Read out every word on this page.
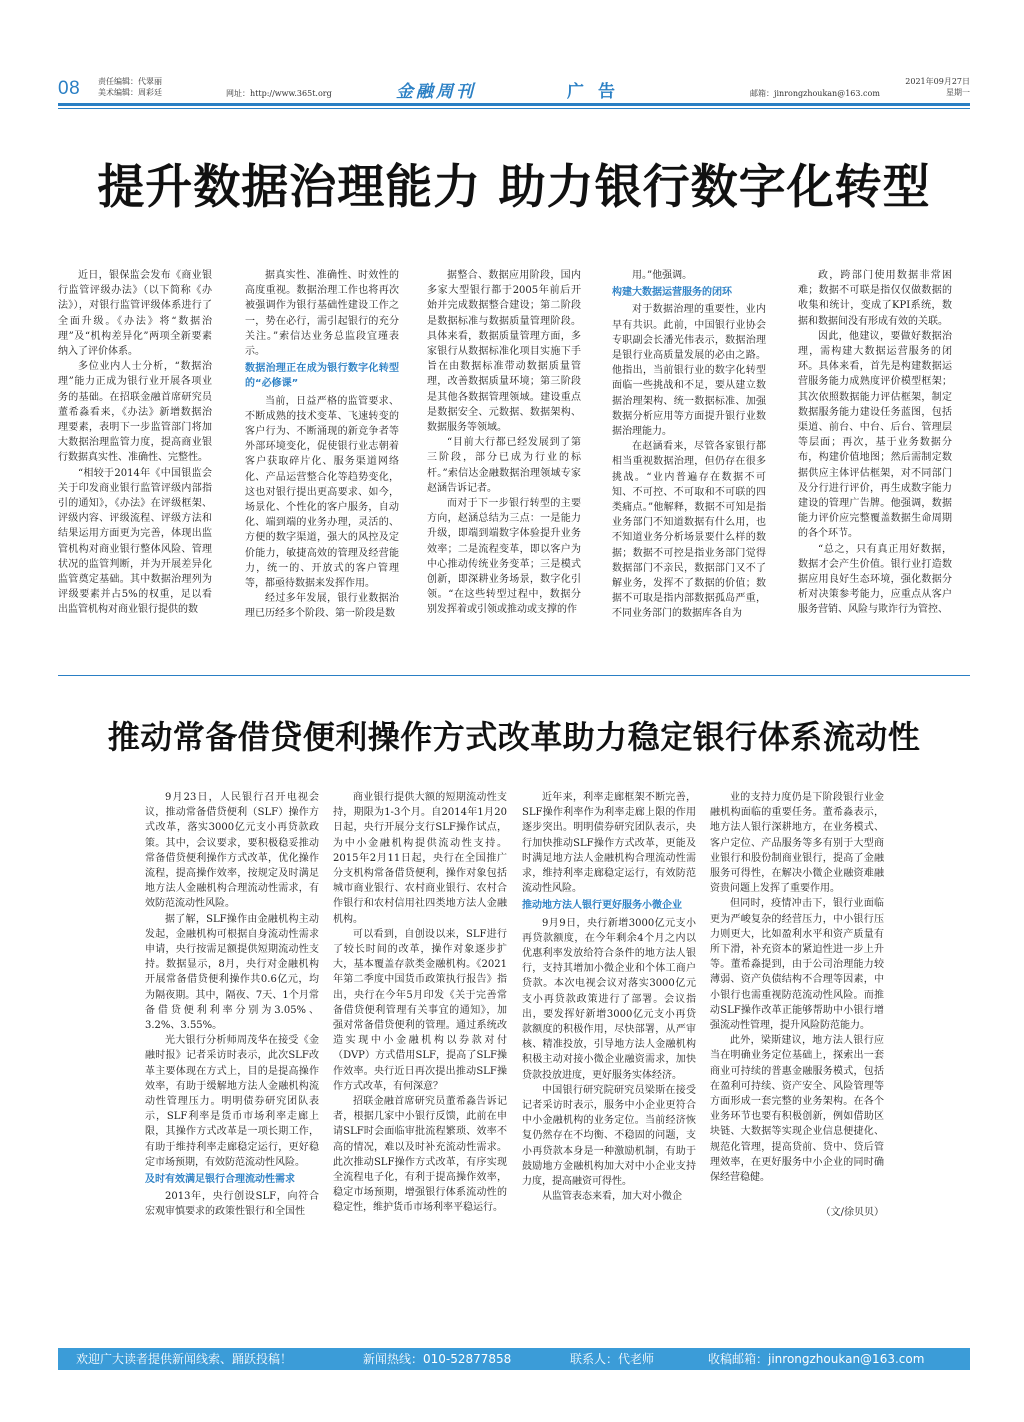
08 责任编辑：代翠丽
美术编辑：周彩廷	网址：http://www.365t.org	金融周刊	广告	邮箱：jinrongzhoukan@163.com
2021年09月27日
星期一
提升数据治理能力 助力银行数字化转型

近日，银保监会发布《商业银行监管评级办法》（以下简称《办法》），对银行监管评级体系进行了全面升级。《办法》将“数据治理”及“机构差异化”两项全新要素纳入了评价体系。

多位业内人士分析，“数据治理”能力正成为银行业开展各项业务的基础。在招联金融首席研究员董希淼看来，《办法》新增数据治理要素，表明下一步监管部门将加大数据治理监管力度，提高商业银行数据真实性、准确性、完整性。

“相较于2014年《中国银监会关于印发商业银行监管评级内部指引的通知》，《办法》在评级框架、评级内容、评级流程、评级方法和结果运用方面更为完善，体现出监管机构对商业银行整体风险、管理状况的监管判断，并为开展差异化监管奠定基础。其中数据治理列为评级要素并占5%的权重，足以看出监管机构对商业银行提供的数

据真实性、准确性、时效性的高度重视。数据治理工作也将再次被强调作为银行基础性建设工作之一，势在必行，需引起银行的充分关注。”索信达业务总监段宜瑾表示。

数据治理正在成为银行数字化转型的“必修课”

当前，日益严格的监管要求、不断成熟的技术变革、飞速转变的客户行为、不断涌现的新竞争者等外部环境变化，促使银行业志朝着客户获取碎片化、服务渠道网络化、产品运营整合化等趋势变化，这也对银行提出更高要求、如今，场景化、个性化的客户服务，自动化、端到端的业务办理，灵活的、方便的数字渠道，强大的风控及定价能力，敏捷高效的管理及经营能力，统一的、开放式的客户管理等，都亟待数据来发挥作用。

经过多年发展，银行业数据治理已历经多个阶段、第一阶段是数

据整合、数据应用阶段，国内多家大型银行都于2005年前后开始并完成数据整合建设；第二阶段是数据标准与数据质量管理阶段。具体来看，数据质量管理方面，多家银行从数据标准化项目实施下手旨在由数据标准带动数据质量管理，改善数据质量环境；第三阶段是其他各数据管理领域。建设重点是数据安全、元数据、数据架构、数据服务等领域。

“目前大行都已经发展到了第三阶段，部分已成为行业的标杆。”索信达金融数据治理领域专家赵涵告诉记者。

而对于下一步银行转型的主要方向，赵涵总结为三点：一是能力升级，即端到端数字体验提升业务效率；二是流程变革，即以客户为中心推动传统业务变革；三是模式创新，即深耕业务场景，数字化引领。“在这些转型过程中，数据分别发挥着或引领或推动或支撑的作

用。”他强调。

构建大数据运营服务的闭环

对于数据治理的重要性，业内早有共识。此前，中国银行业协会专职副会长潘光伟表示，数据治理是银行业高质量发展的必由之路。他指出，当前银行业的数字化转型面临一些挑战和不足，要从建立数据治理架构、统一数据标准、加强数据分析应用等方面提升银行业数据治理能力。

在赵涵看来，尽管各家银行都相当重视数据治理，但仍存在很多挑战。“业内普遍存在数据不可知、不可控、不可取和不可联的四类痛点。”他解释，数据不可知是指业务部门不知道数据有什么用，也不知道业务分析场景要什么样的数据；数据不可控是指业务部门觉得数据部门不亲民，数据部门又不了解业务，发挥不了数据的价值；数据不可取是指内部数据孤岛严重，不同业务部门的数据库各自为

政，跨部门使用数据非常困难；数据不可联是指仅仅做数据的收集和统计，变成了KPI系统，数据和数据间没有形成有效的关联。

因此，他建议，要做好数据治理，需构建大数据运营服务的闭环。具体来看，首先是构建数据运营服务能力成熟度评价模型框架；其次依照数据能力评估框架，制定数据服务能力建设任务蓝图，包括渠道、前台、中台、后台、管理层等层面；再次，基于业务数据分布，构建价值地图；然后需制定数据供应主体评估框架，对不同部门及分行进行评价，再生成数字能力建设的管理广告牌。他强调，数据能力评价应完整覆盖数据生命周期的各个环节。

“总之，只有真正用好数据，数据才会产生价值。银行业打造数据应用良好生态环境，强化数据分析对决策参考能力，应重点从客户服务营销、风险与欺诈行为管控、

推动常备借贷便利操作方式改革助力稳定银行体系流动性

9月23日，人民银行召开电视会议，推动常备借贷便利（SLF）操作方式改革，落实3000亿元支小再贷款政策。其中，会议要求，要积极稳妥推动常备借贷便利操作方式改革，优化操作流程，提高操作效率，按规定及时满足地方法人金融机构合理流动性需求，有效防范流动性风险。

据了解，SLF操作由金融机构主动发起，金融机构可根据自身流动性需求申请，央行按需足额提供短期流动性支持。数据显示，8月，央行对金融机构开展常备借贷便利操作共0.6亿元，均为隔夜期。其中，隔夜、7天、1个月常备借贷便利利率分别为3.05%、3.2%、3.55%。

光大银行分析师周茂华在接受《金融时报》记者采访时表示，此次SLF改革主要体现在方式上，目的是提高操作效率，有助于缓解地方法人金融机构流动性管理压力。明明债券研究团队表示，SLF利率是货币市场利率走廊上限，其操作方式改革是一项长期工作，有助于维持利率走廊稳定运行，更好稳定市场预期，有效防范流动性风险。

及时有效满足银行合理流动性需求

2013年，央行创设SLF，向符合宏观审慎要求的政策性银行和全国性

商业银行提供大额的短期流动性支持，期限为1-3个月。自2014年1月20日起，央行开展分支行SLF操作试点，为中小金融机构提供流动性支持。2015年2月11日起，央行在全国推广分支机构常备借贷便利，操作对象包括城市商业银行、农村商业银行、农村合作银行和农村信用社四类地方法人金融机构。

可以看到，自创设以来，SLF进行了较长时间的改革，操作对象逐步扩大，基本覆盖存款类金融机构。《2021年第二季度中国货币政策执行报告》指出，央行在今年5月印发《关于完善常备借贷便利管理有关事宜的通知》，加强对常备借贷便利的管理。通过系统改造实现中小金融机构以券款对付（DVP）方式借用SLF，提高了SLF操作效率。央行近日再次提出推动SLF操作方式改革，有何深意？

招联金融首席研究员董希淼告诉记者，根据几家中小银行反馈，此前在申请SLF时会面临审批流程繁琐、效率不高的情况，难以及时补充流动性需求。此次推动SLF操作方式改革，有序实现全流程电子化，有利于提高操作效率，稳定市场预期，增强银行体系流动性的稳定性，维护货币市场利率平稳运行。

近年来，利率走廊框架不断完善，SLF操作利率作为利率走廊上限的作用逐步突出。明明债券研究团队表示，央行加快推动SLF操作方式改革，更能及时满足地方法人金融机构合理流动性需求，维持利率走廊稳定运行，有效防范流动性风险。

推动地方法人银行更好服务小微企业

9月9日，央行新增3000亿元支小再贷款额度，在今年剩余4个月之内以优惠利率发放给符合条件的地方法人银行，支持其增加小微企业和个体工商户贷款。本次电视会议对落实3000亿元支小再贷款政策进行了部署。会议指出，要发挥好新增3000亿元支小再贷款额度的积极作用，尽快部署，从严审核、精准投放，引导地方法人金融机构积极主动对接小微企业融资需求，加快贷款投放进度，更好服务实体经济。

中国银行研究院研究员梁斯在接受记者采访时表示，服务中小企业更符合中小金融机构的业务定位。当前经济恢复仍然存在不均衡、不稳固的问题，支小再贷款本身是一种激励机制，有助于鼓励地方金融机构加大对中小企业支持力度，提高融资可得性。

从监管表态来看，加大对小微企

业的支持力度仍是下阶段银行业金融机构面临的重要任务。董希淼表示，地方法人银行深耕地方，在业务模式、客户定位、产品服务等多有别于大型商业银行和股份制商业银行，提高了金融服务可得性，在解决小微企业融资难融资贵问题上发挥了重要作用。

但同时，疫情冲击下，银行业面临更为严峻复杂的经营压力，中小银行压力则更大，比如盈利水平和资产质量有所下滑，补充资本的紧迫性进一步上升等。董希淼提到，由于公司治理能力较薄弱、资产负债结构不合理等因素，中小银行也需重视防范流动性风险。而推动SLF操作改革正能够帮助中小银行增强流动性管理，提升风险防范能力。

此外，梁斯建议，地方法人银行应当在明确业务定位基础上，探索出一套商业可持续的普惠金融服务模式，包括在盈利可持续、资产安全、风险管理等方面形成一套完整的业务架构。在各个业务环节也要有积极创新，例如借助区块链、大数据等实现企业信息便捷化、规范化管理，提高贷前、贷中、贷后管理效率，在更好服务中小企业的同时确保经营稳健。

（文/徐贝贝）

欢迎广大读者提供新闻线索、踊跃投稿！	新闻热线：010-52877858	联系人：代老师	收稿邮箱：jinrongzhoukan@163.com
